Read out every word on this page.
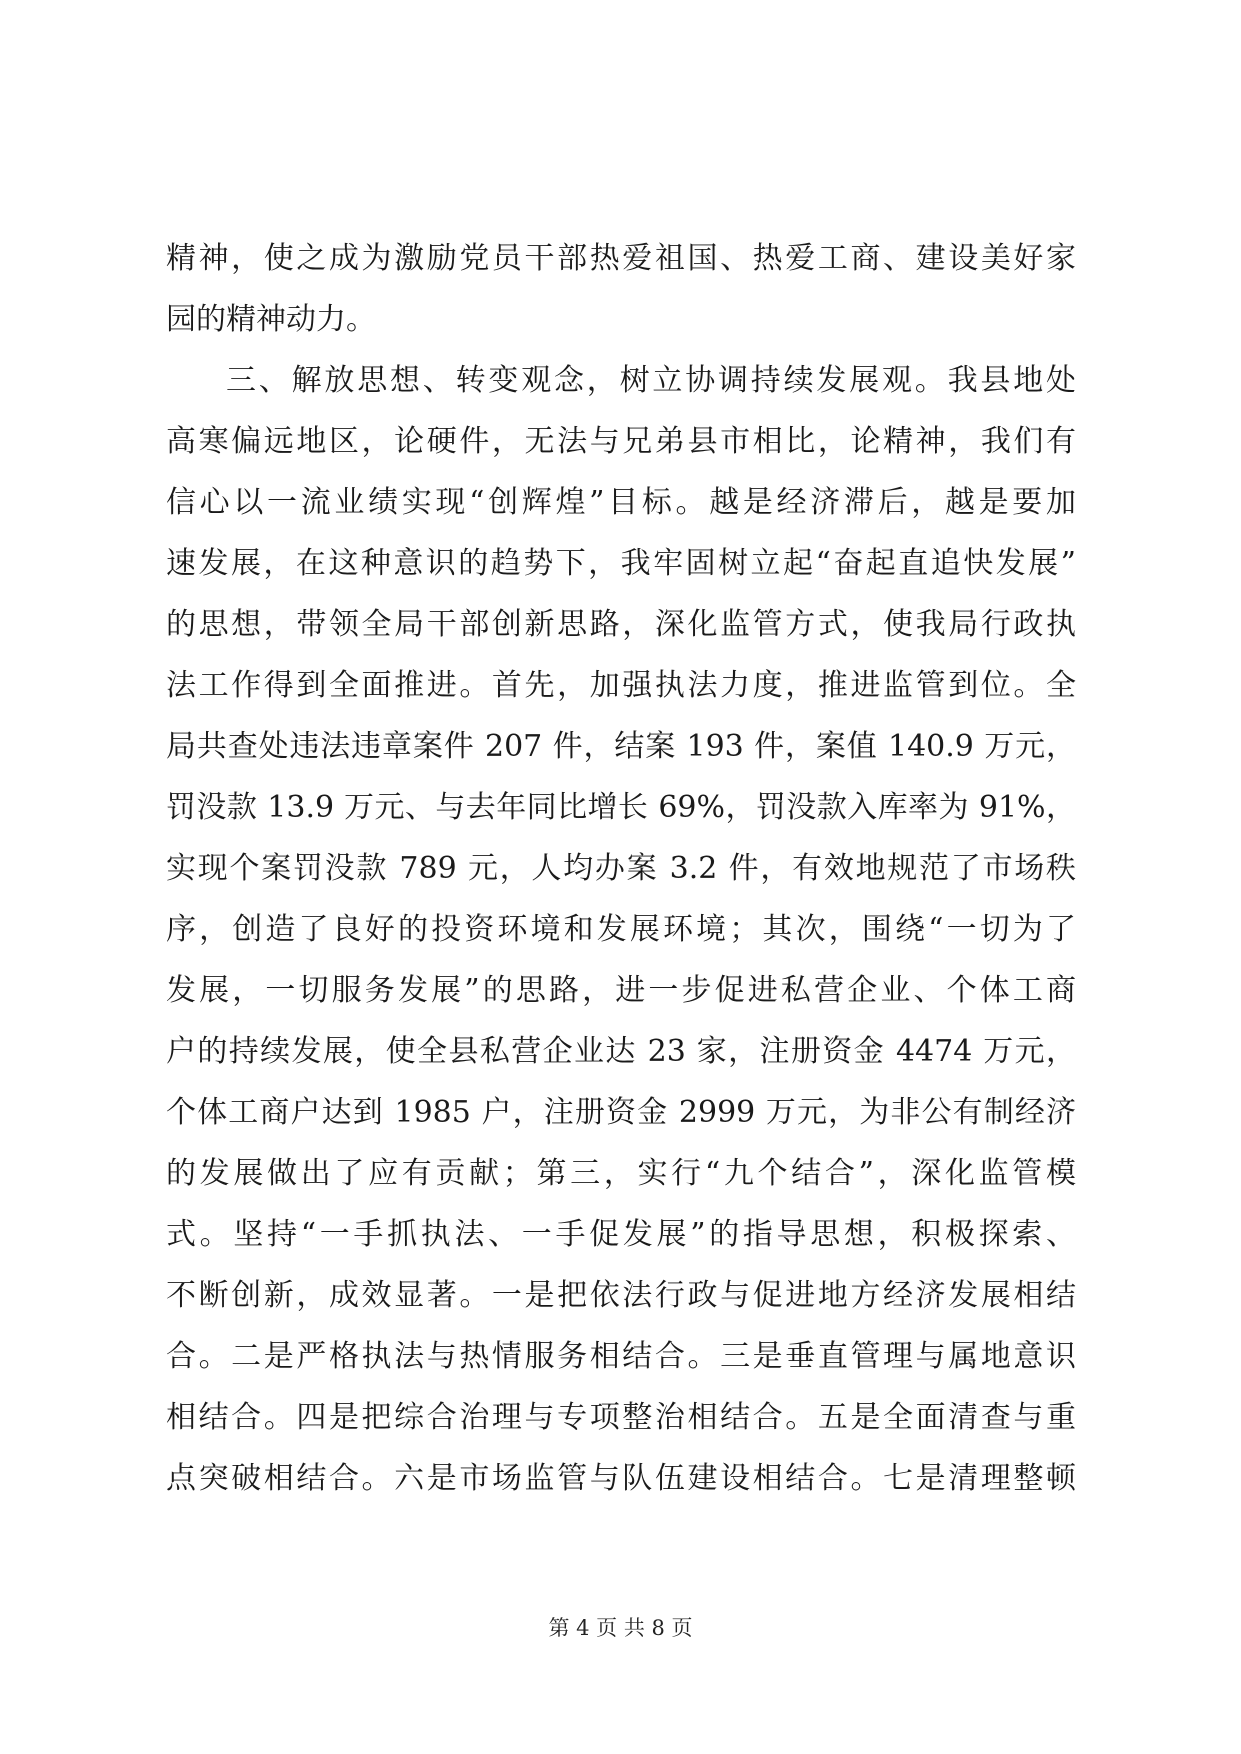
精神，使之成为激励党员干部热爱祖国、热爱工商、建设美好家
园的精神动力。
三、解放思想、转变观念，树立协调持续发展观。我县地处
高寒偏远地区，论硬件，无法与兄弟县市相比，论精神，我们有
信心以一流业绩实现“创辉煌”目标。越是经济滞后，越是要加
速发展，在这种意识的趋势下，我牢固树立起“奋起直追快发展”
的思想，带领全局干部创新思路，深化监管方式，使我局行政执
法工作得到全面推进。首先，加强执法力度，推进监管到位。全
局共查处违法违章案件 207 件，结案 193 件，案值 140.9 万元，
罚没款 13.9 万元、与去年同比增长 69%，罚没款入库率为 91%，
实现个案罚没款 789 元，人均办案 3.2 件，有效地规范了市场秩
序，创造了良好的投资环境和发展环境；其次，围绕“一切为了
发展，一切服务发展”的思路，进一步促进私营企业、个体工商
户的持续发展，使全县私营企业达 23 家，注册资金 4474 万元，
个体工商户达到 1985 户，注册资金 2999 万元，为非公有制经济
的发展做出了应有贡献；第三，实行“九个结合”，深化监管模
式。坚持“一手抓执法、一手促发展”的指导思想，积极探索、
不断创新，成效显著。一是把依法行政与促进地方经济发展相结
合。二是严格执法与热情服务相结合。三是垂直管理与属地意识
相结合。四是把综合治理与专项整治相结合。五是全面清查与重
点突破相结合。六是市场监管与队伍建设相结合。七是清理整顿
第 4 页 共 8 页
